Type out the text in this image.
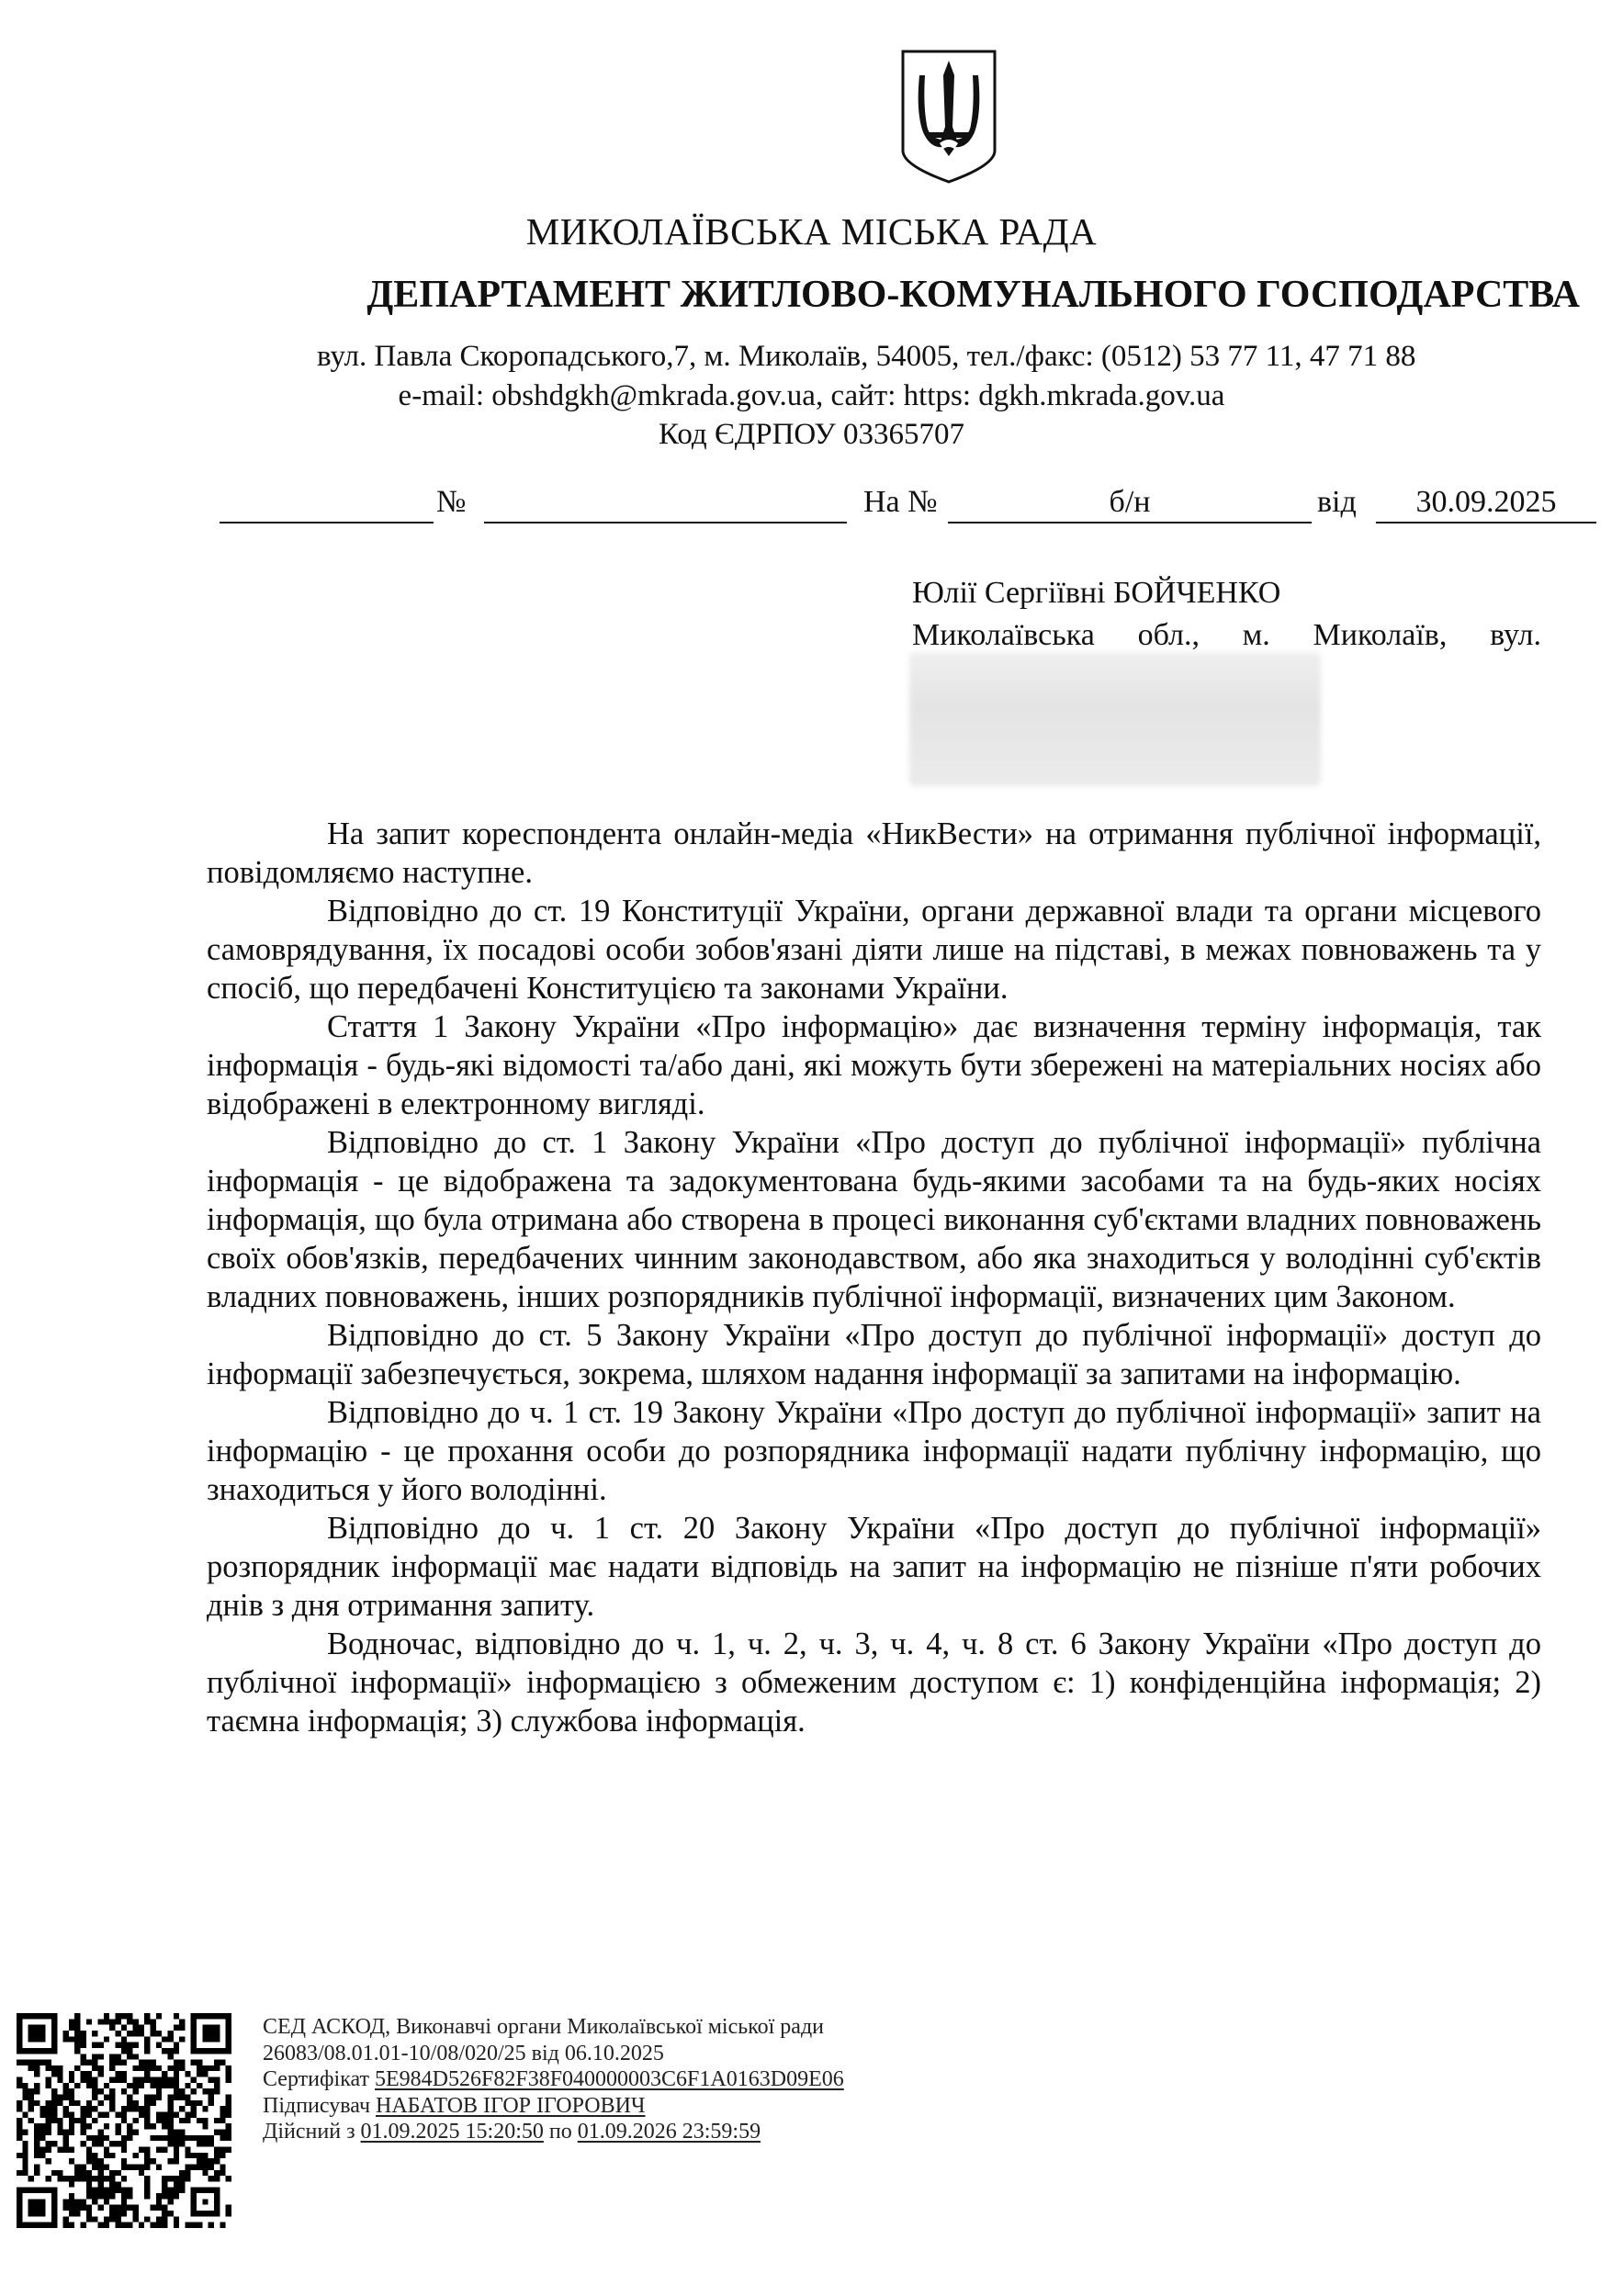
МИКОЛАЇВСЬКА МІСЬКА РАДА
ДЕПАРТАМЕНТ ЖИТЛОВО-КОМУНАЛЬНОГО ГОСПОДАРСТВА
вул. Павла Скоропадського,7, м. Миколаїв, 54005, тел./факс: (0512) 53 77 11, 47 71 88
e-mail: obshdgkh@mkrada.gov.ua, сайт: https: dgkh.mkrada.gov.ua
Код ЄДРПОУ 03365707
№	На №	б/н	від	30.09.2025
Юлії Сергіївні БОЙЧЕНКО
Миколаївська обл., м. Миколаїв, вул.

На запит кореспондента онлайн-медіа «НикВести» на отримання публічної інформації, повідомляємо наступне.

Відповідно до ст. 19 Конституції України, органи державної влади та органи місцевого самоврядування, їх посадові особи зобов'язані діяти лише на підставі, в межах повноважень та у спосіб, що передбачені Конституцією та законами України.

Стаття 1 Закону України «Про інформацію» дає визначення терміну інформація, так інформація - будь-які відомості та/або дані, які можуть бути збережені на матеріальних носіях або відображені в електронному вигляді.

Відповідно до ст. 1 Закону України «Про доступ до публічної інформації» публічна інформація - це відображена та задокументована будь-якими засобами та на будь-яких носіях інформація, що була отримана або створена в процесі виконання суб'єктами владних повноважень своїх обов'язків, передбачених чинним законодавством, або яка знаходиться у володінні суб'єктів владних повноважень, інших розпорядників публічної інформації, визначених цим Законом.

Відповідно до ст. 5 Закону України «Про доступ до публічної інформації» доступ до інформації забезпечується, зокрема, шляхом надання інформації за запитами на інформацію.

Відповідно до ч. 1 ст. 19 Закону України «Про доступ до публічної інформації» запит на інформацію - це прохання особи до розпорядника інформації надати публічну інформацію, що знаходиться у його володінні.

Відповідно до ч. 1 ст. 20 Закону України «Про доступ до публічної інформації» розпорядник інформації має надати відповідь на запит на інформацію не пізніше п'яти робочих днів з дня отримання запиту.

Водночас, відповідно до ч. 1, ч. 2, ч. 3, ч. 4, ч. 8 ст. 6 Закону України «Про доступ до публічної інформації» інформацією з обмеженим доступом є: 1) конфіденційна інформація; 2) таємна інформація; 3) службова інформація.

СЕД АСКОД, Виконавчі органи Миколаївської міської ради
26083/08.01.01-10/08/020/25 від 06.10.2025
Сертифікат 5E984D526F82F38F040000003C6F1A0163D09E06
Підписувач НАБАТОВ ІГОР ІГОРОВИЧ
Дійсний з 01.09.2025 15:20:50 по 01.09.2026 23:59:59
